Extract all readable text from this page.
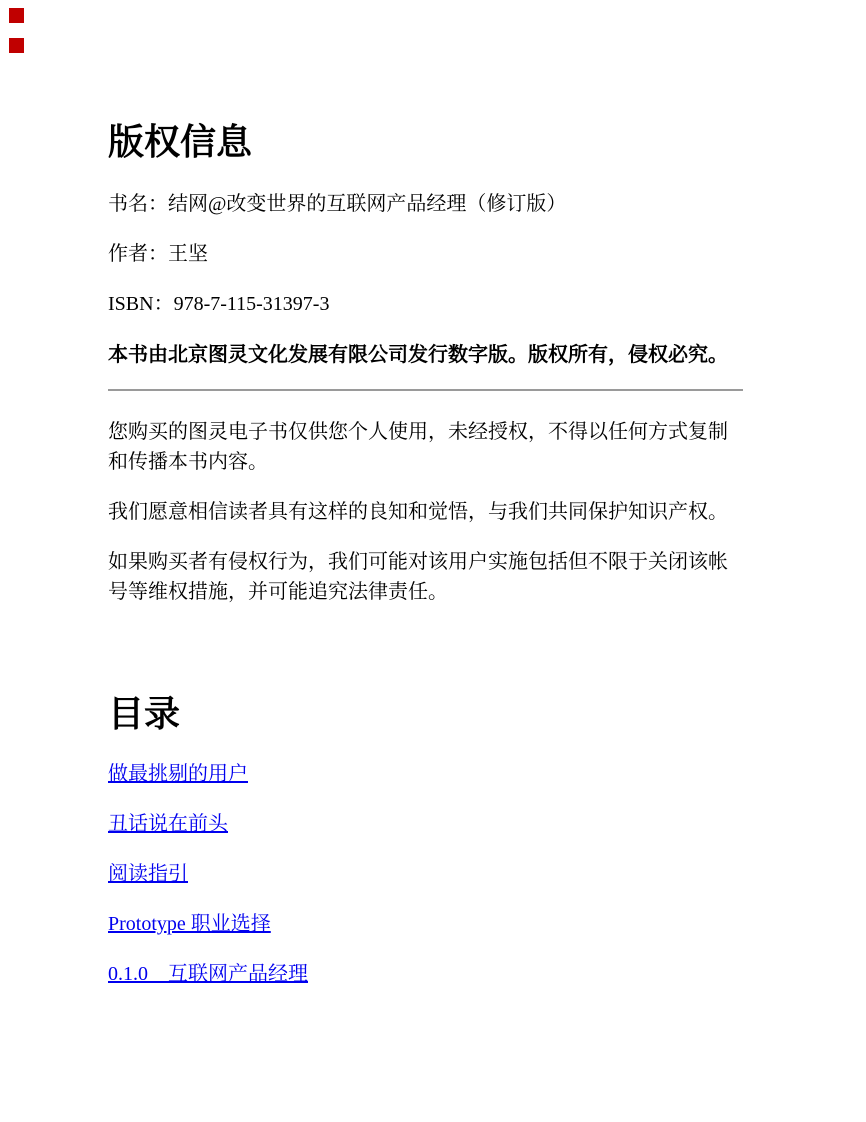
版权信息

书名：结网@改变世界的互联网产品经理（修订版）

作者：王坚

ISBN：978-7-115-31397-3

本书由北京图灵文化发展有限公司发行数字版。版权所有，侵权必究。

您购买的图灵电子书仅供您个人使用，未经授权，不得以任何方式复制和传播本书内容。

我们愿意相信读者具有这样的良知和觉悟，与我们共同保护知识产权。

如果购买者有侵权行为，我们可能对该用户实施包括但不限于关闭该帐号等维权措施，并可能追究法律责任。

目录

做最挑剔的用户

丑话说在前头

阅读指引

Prototype 职业选择

0.1.0　互联网产品经理
